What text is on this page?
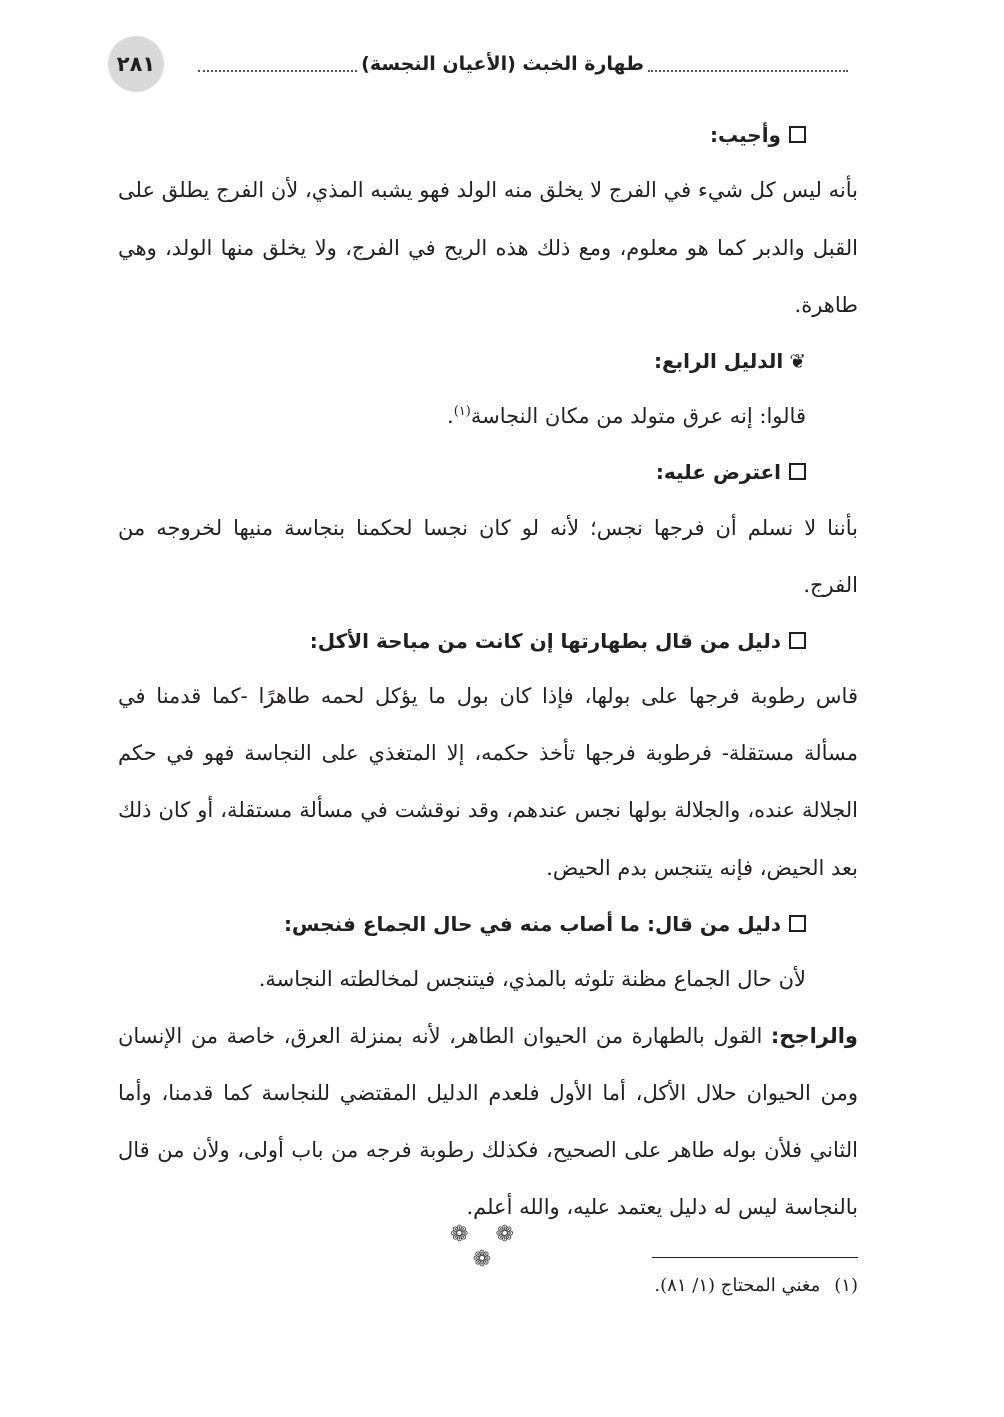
٢٨١	طهارة الخبث (الأعيان النجسة)

وأجيب:

بأنه ليس كل شيء في الفرج لا يخلق منه الولد فهو يشبه المذي، لأن الفرج يطلق على القبل والدبر كما هو معلوم، ومع ذلك هذه الريح في الفرج، ولا يخلق منها الولد، وهي طاهرة.

❦الدليل الرابع:

قالوا: إنه عرق متولد من مكان النجاسة$^{(١)}$.

اعترض عليه:

بأننا لا نسلم أن فرجها نجس؛ لأنه لو كان نجسا لحكمنا بنجاسة منيها لخروجه من الفرج.

دليل من قال بطهارتها إن كانت من مباحة الأكل:

قاس رطوبة فرجها على بولها، فإذا كان بول ما يؤكل لحمه طاهرًا -كما قدمنا في مسألة مستقلة- فرطوبة فرجها تأخذ حكمه، إلا المتغذي على النجاسة فهو في حكم الجلالة عنده، والجلالة بولها نجس عندهم، وقد نوقشت في مسألة مستقلة، أو كان ذلك بعد الحيض، فإنه يتنجس بدم الحيض.

دليل من قال: ما أصاب منه في حال الجماع فنجس:

لأن حال الجماع مظنة تلوثه بالمذي، فيتنجس لمخالطته النجاسة.

والراجح: القول بالطهارة من الحيوان الطاهر، لأنه بمنزلة العرق، خاصة من الإنسان ومن الحيوان حلال الأكل، أما الأول فلعدم الدليل المقتضي للنجاسة كما قدمنا، وأما الثاني فلأن بوله طاهر على الصحيح، فكذلك رطوبة فرجه من باب أولى، ولأن من قال بالنجاسة ليس له دليل يعتمد عليه، والله أعلم.

❁ ❁ ❁
(١)مغني المحتاج (١/ ٨١).
